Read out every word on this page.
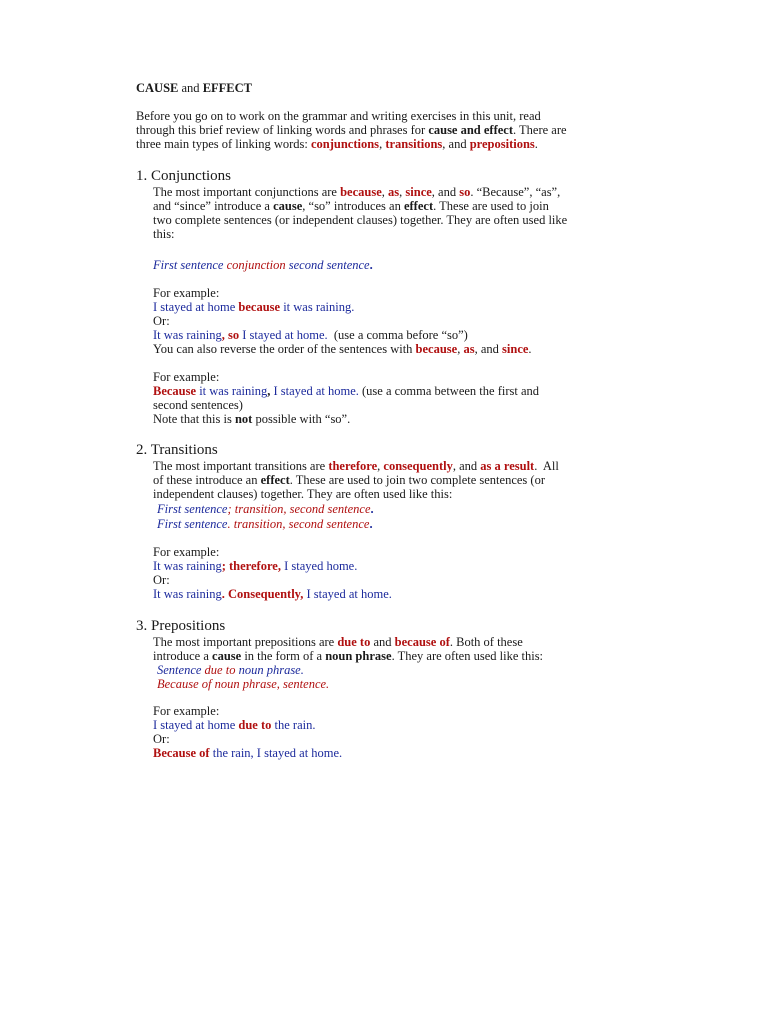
CAUSE and EFFECT
Before you go on to work on the grammar and writing exercises in this unit, read
through this brief review of linking words and phrases for cause and effect. There are
three main types of linking words: conjunctions, transitions, and prepositions.
1. Conjunctions
The most important conjunctions are because, as, since, and so. “Because”, “as”,
and “since” introduce a cause, “so” introduces an effect. These are used to join
two complete sentences (or independent clauses) together. They are often used like
this:
First sentence conjunction second sentence.
For example:
I stayed at home because it was raining.
Or:
It was raining, so I stayed at home.  (use a comma before “so”)
You can also reverse the order of the sentences with because, as, and since.
For example:
Because it was raining, I stayed at home. (use a comma between the first and
second sentences)
Note that this is not possible with “so”.
2. Transitions
The most important transitions are therefore, consequently, and as a result.  All
of these introduce an effect. These are used to join two complete sentences (or
independent clauses) together. They are often used like this:
First sentence; transition, second sentence.
First sentence. transition, second sentence.
For example:
It was raining; therefore, I stayed home.
Or:
It was raining. Consequently, I stayed at home.
3. Prepositions
The most important prepositions are due to and because of. Both of these
introduce a cause in the form of a noun phrase. They are often used like this:
Sentence due to noun phrase.
Because of noun phrase, sentence.
For example:
I stayed at home due to the rain.
Or:
Because of the rain, I stayed at home.
